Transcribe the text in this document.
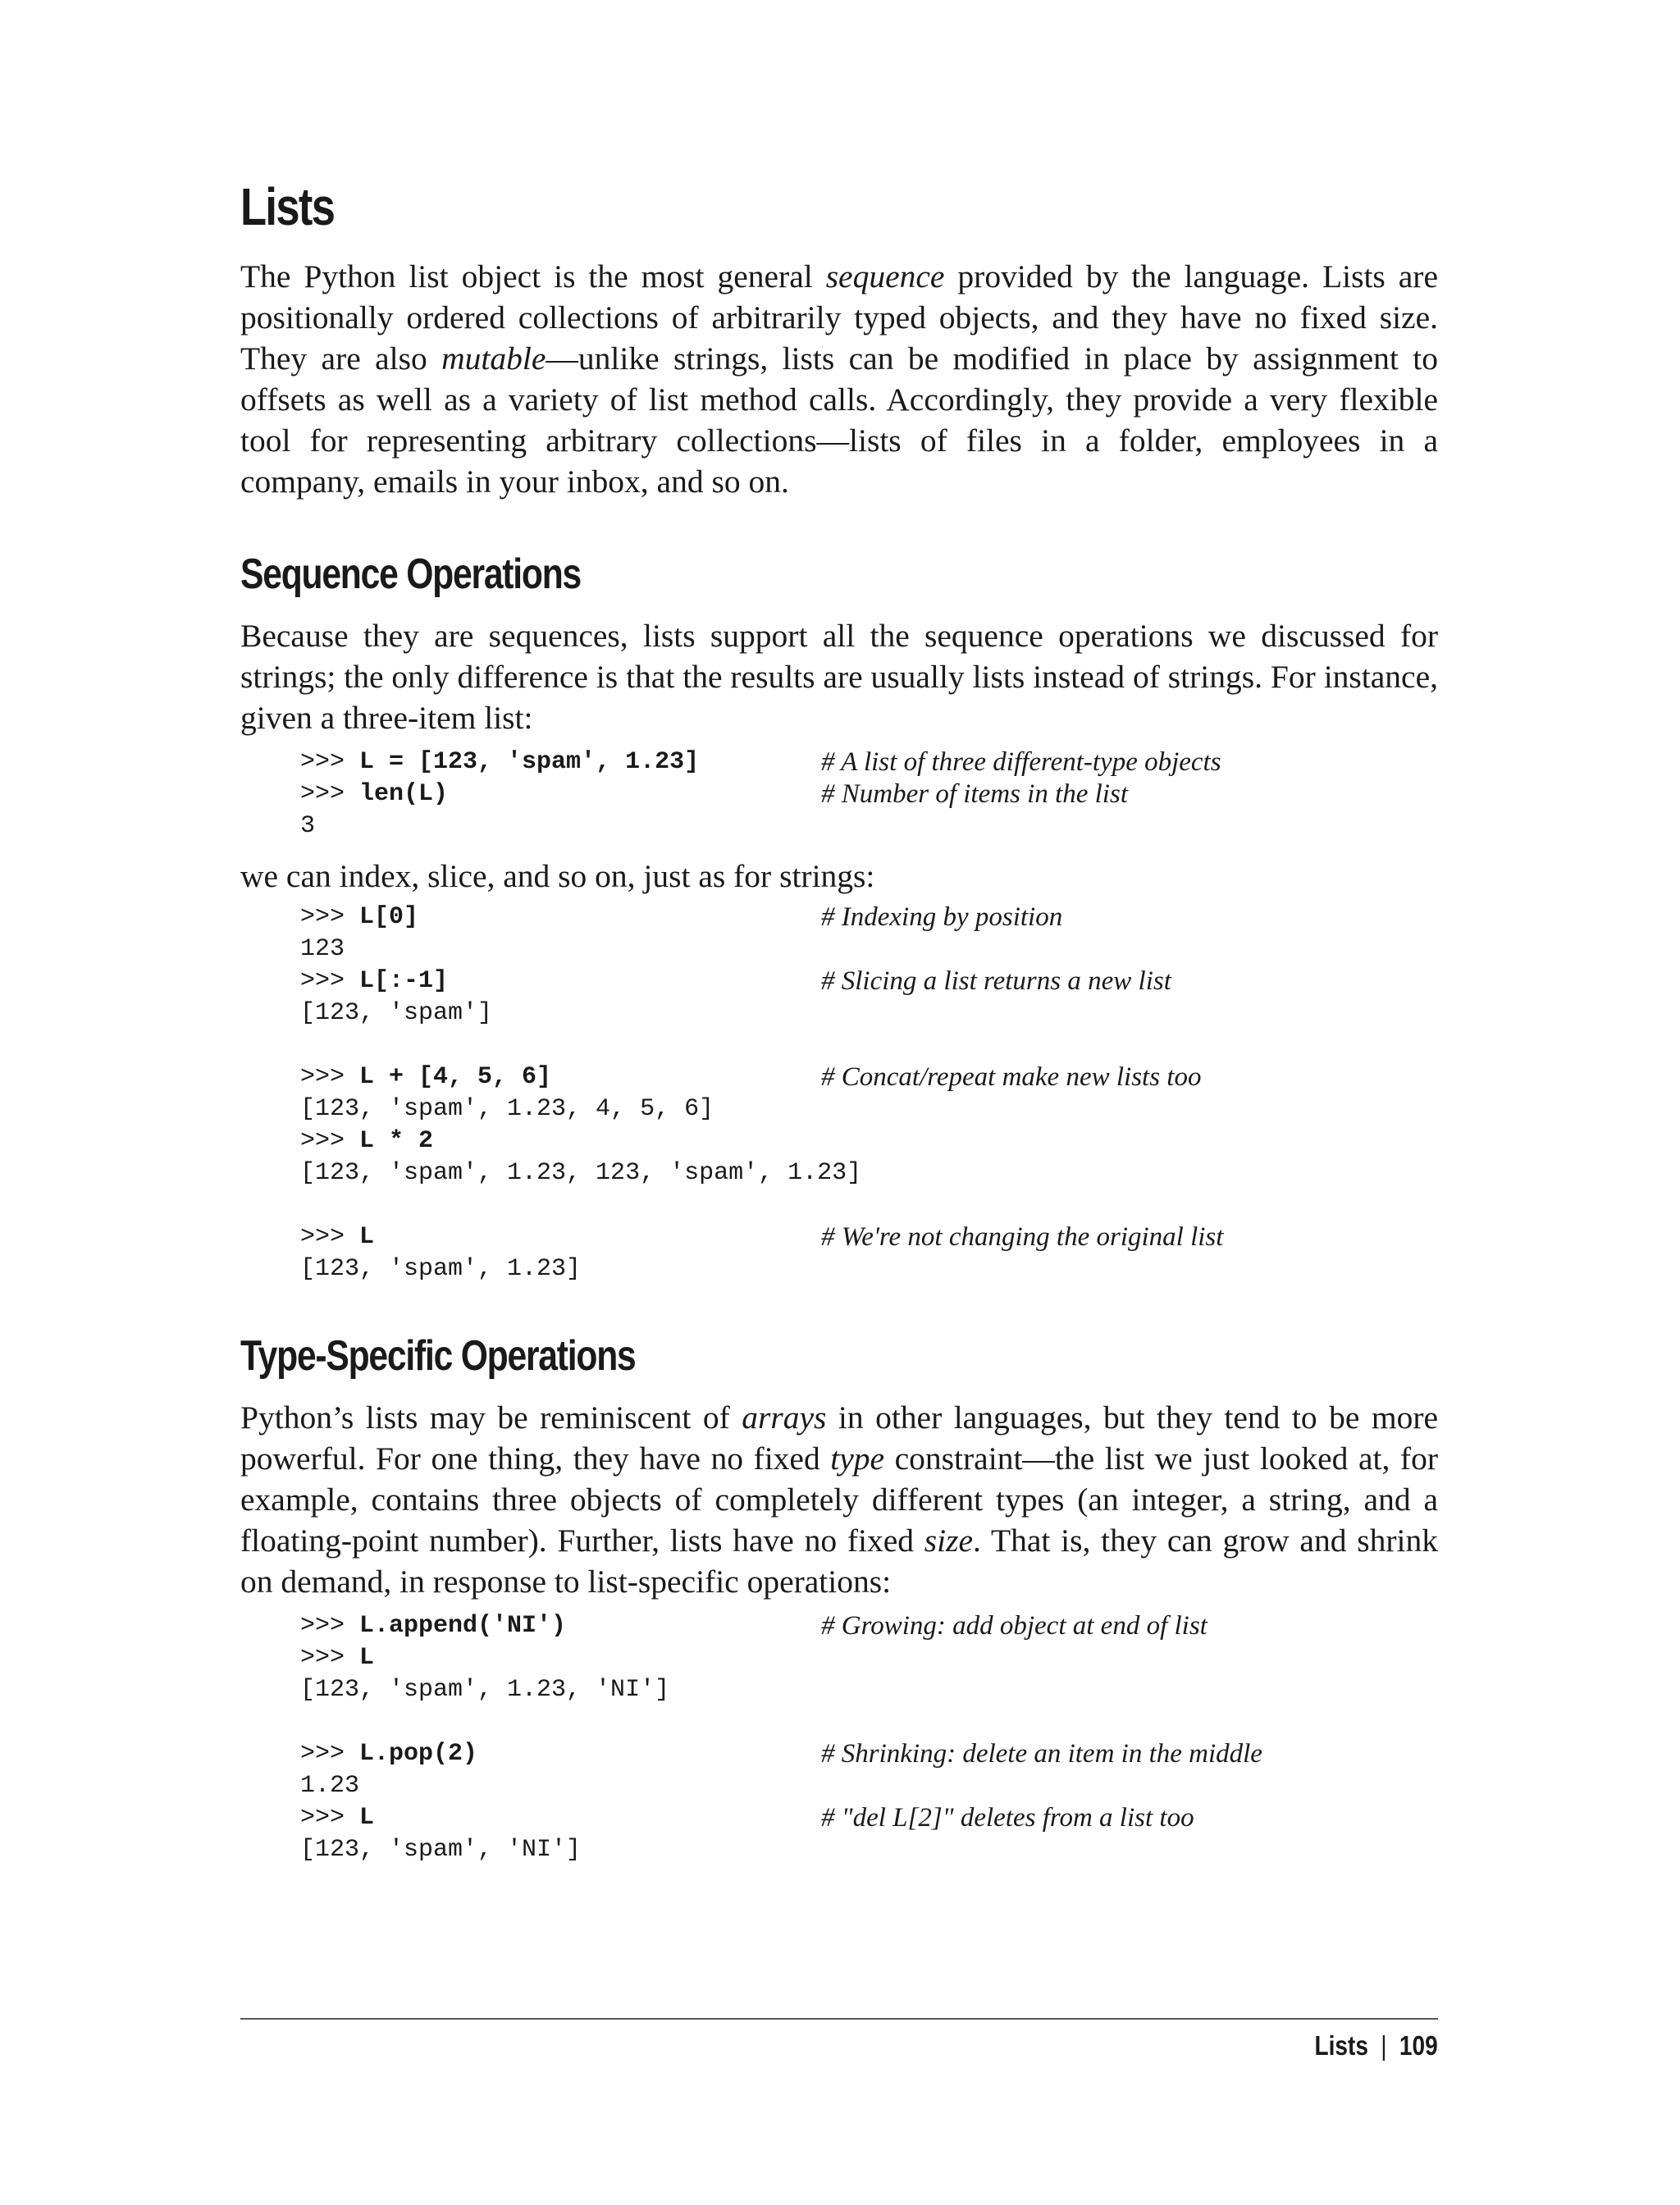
Lists

The Python list object is the most general sequence provided by the language. Lists are positionally ordered collections of arbitrarily typed objects, and they have no fixed size. They are also mutable—unlike strings, lists can be modified in place by assignment to offsets as well as a variety of list method calls. Accordingly, they provide a very flexible tool for representing arbitrary collections—lists of files in a folder, employees in a company, emails in your inbox, and so on.

Sequence Operations

Because they are sequences, lists support all the sequence operations we discussed for strings; the only difference is that the results are usually lists instead of strings. For instance, given a three-item list:

>>> L = [123, 'spam', 1.23]	# A list of three different-type objects
>>> len(L)	# Number of items in the list
3

we can index, slice, and so on, just as for strings:

>>> L[0]	# Indexing by position
123
>>> L[:-1]	# Slicing a list returns a new list
[123, 'spam']
>>> L + [4, 5, 6]	# Concat/repeat make new lists too
[123, 'spam', 1.23, 4, 5, 6]
>>> L * 2
[123, 'spam', 1.23, 123, 'spam', 1.23]
>>> L	# We're not changing the original list
[123, 'spam', 1.23]
Type-Specific Operations

Python’s lists may be reminiscent of arrays in other languages, but they tend to be more powerful. For one thing, they have no fixed type constraint—the list we just looked at, for example, contains three objects of completely different types (an integer, a string, and a floating-point number). Further, lists have no fixed size. That is, they can grow and shrink on demand, in response to list-specific operations:

>>> L.append('NI')	# Growing: add object at end of list
>>> L
[123, 'spam', 1.23, 'NI']
>>> L.pop(2)	# Shrinking: delete an item in the middle
1.23
>>> L	# "del L[2]" deletes from a list too
[123, 'spam', 'NI']
Lists | 109
